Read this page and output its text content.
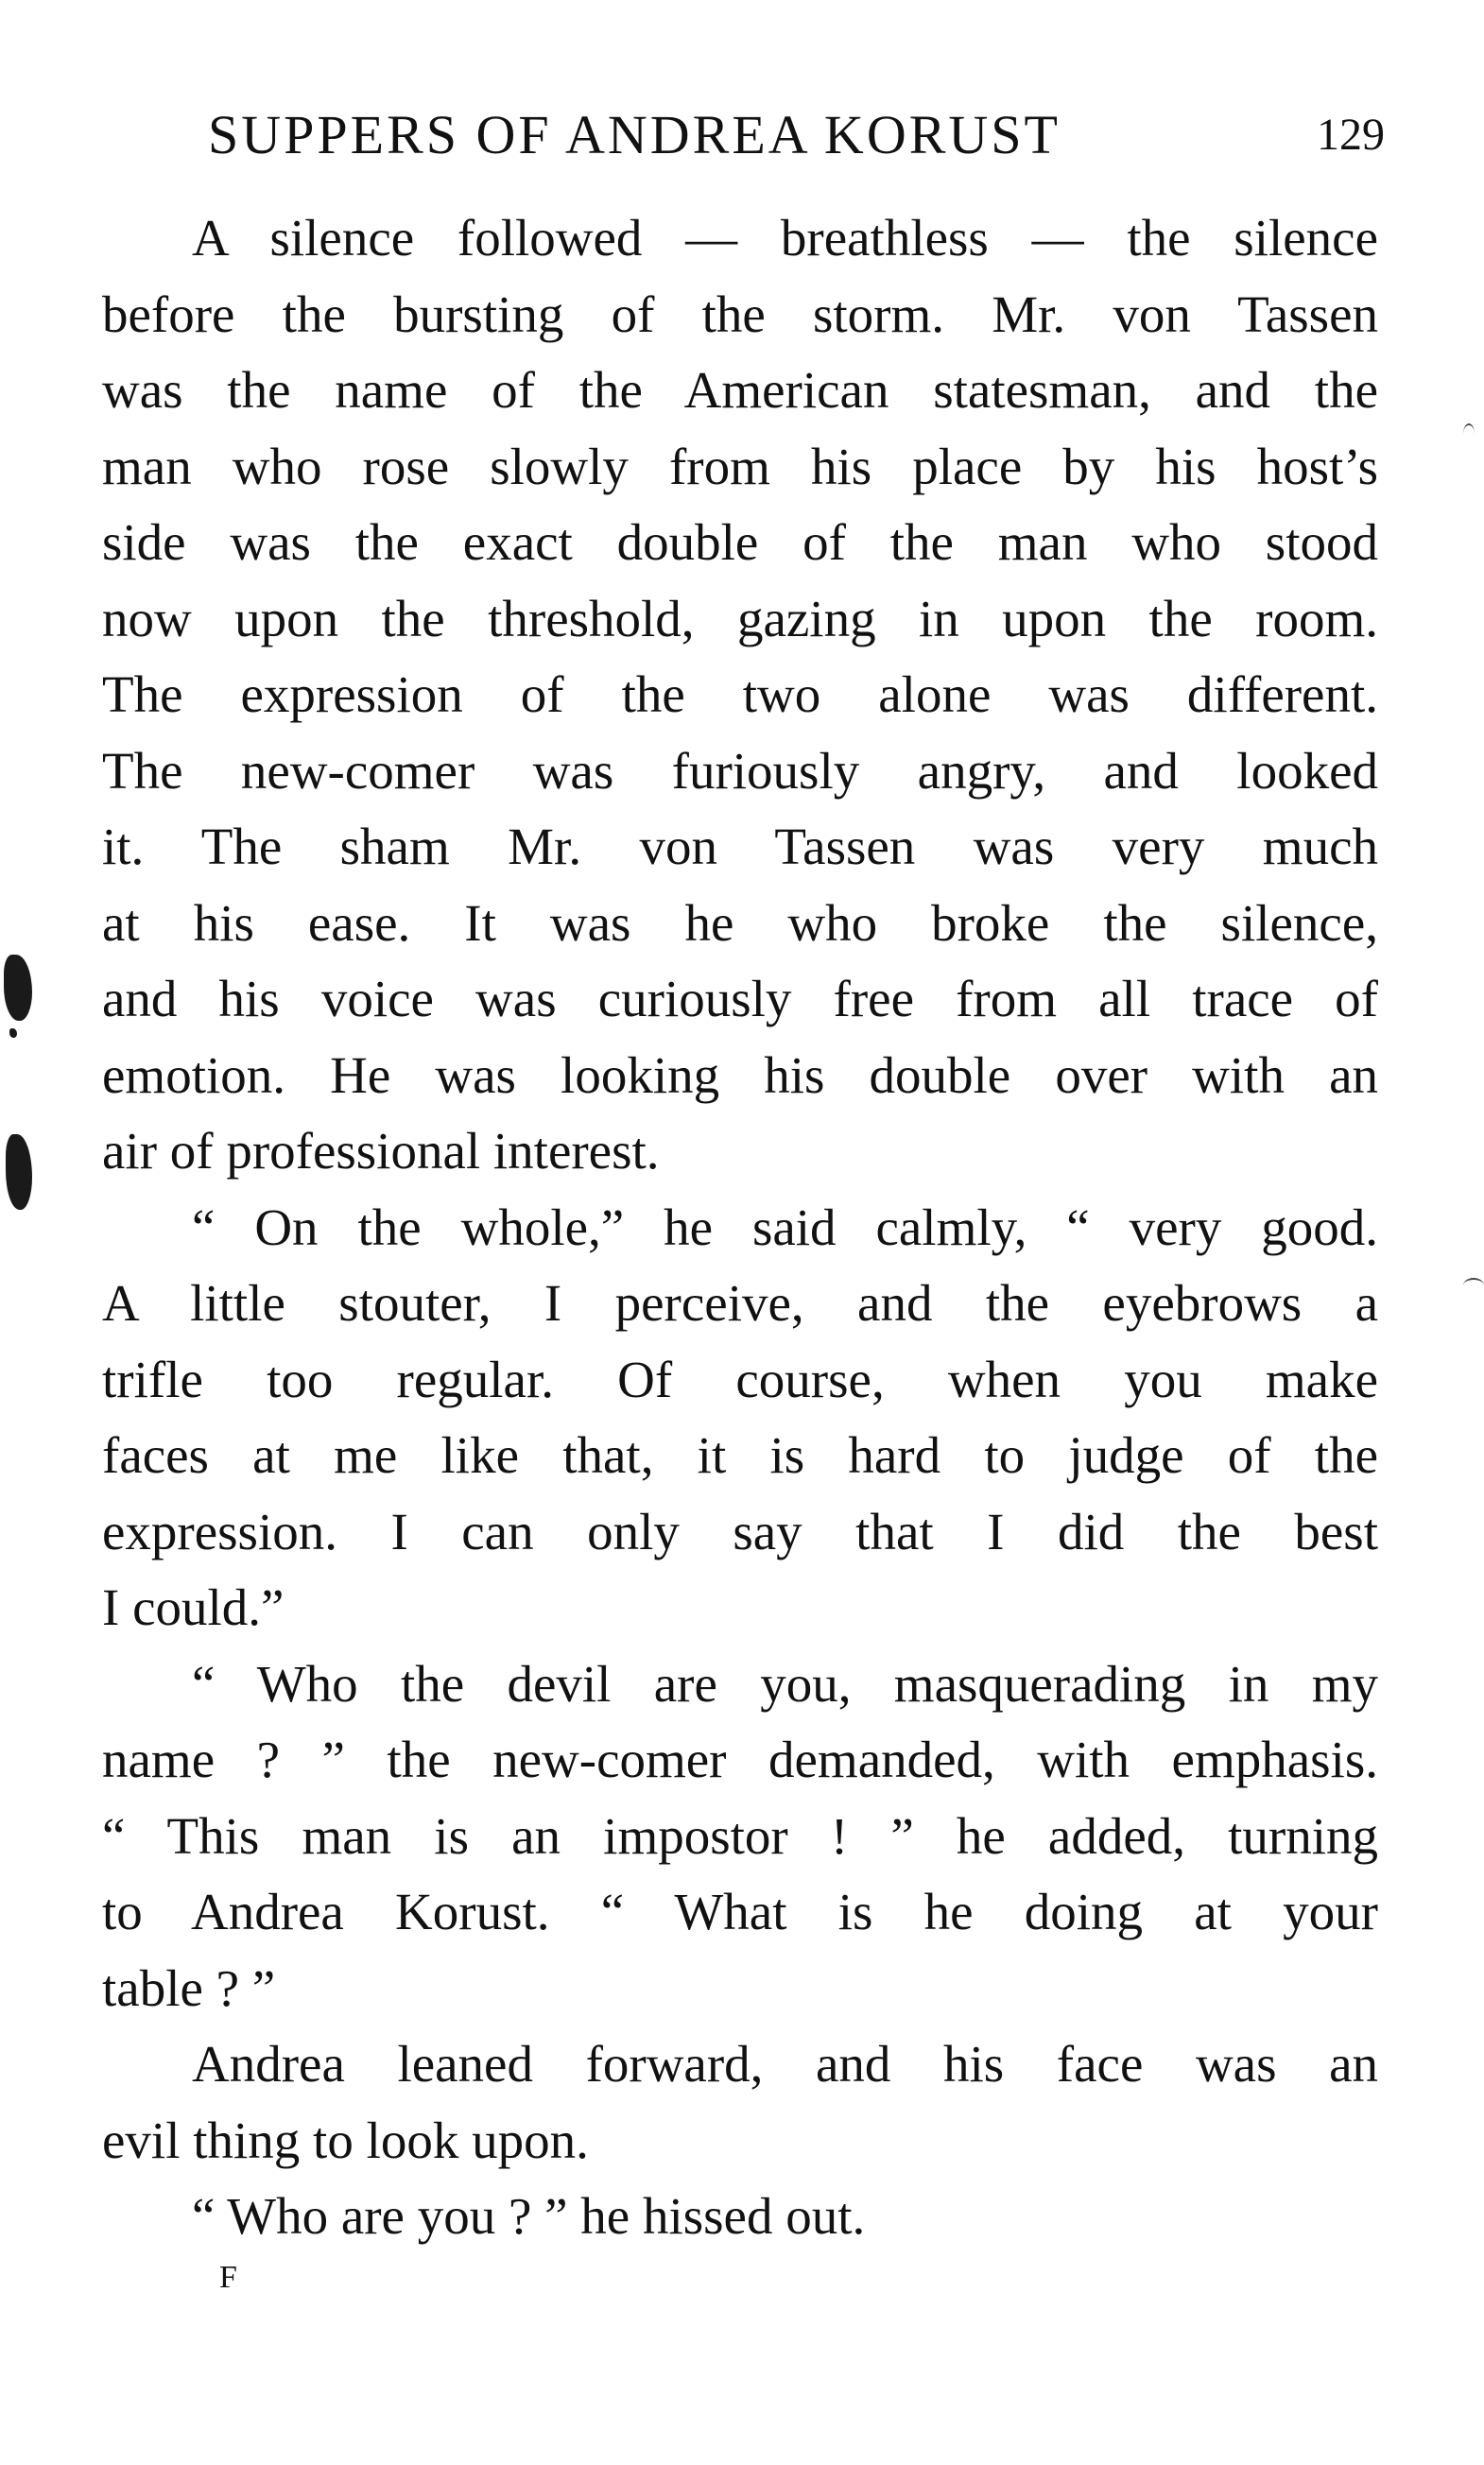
SUPPERS OF ANDREA KORUST	129

A silence followed — breathless — the silence

before the bursting of the storm. Mr. von Tassen

was the name of the American statesman, and the

man who rose slowly from his place by his host’s

side was the exact double of the man who stood

now upon the threshold, gazing in upon the room.

The expression of the two alone was different.

The new-comer was furiously angry, and looked

it. The sham Mr. von Tassen was very much

at his ease. It was he who broke the silence,

and his voice was curiously free from all trace of

emotion. He was looking his double over with an

air of professional interest.

“ On the whole,” he said calmly, “ very good.

A little stouter, I perceive, and the eyebrows a

trifle too regular. Of course, when you make

faces at me like that, it is hard to judge of the

expression. I can only say that I did the best

I could.”

“ Who the devil are you, masquerading in my

name ? ” the new-comer demanded, with emphasis.

“ This man is an impostor ! ” he added, turning

to Andrea Korust. “ What is he doing at your

table ? ”

Andrea leaned forward, and his face was an

evil thing to look upon.

“ Who are you ? ” he hissed out.

F
